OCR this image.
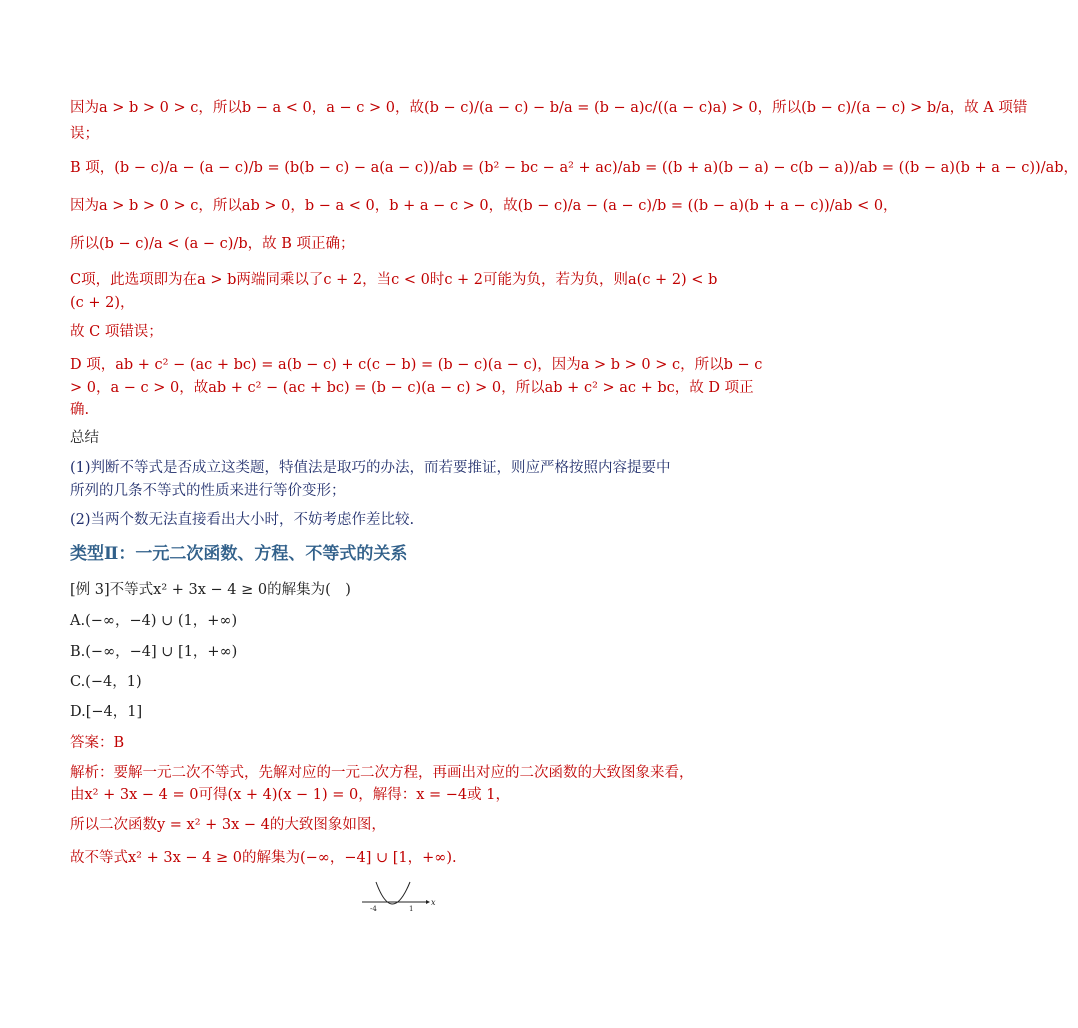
因为a > b > 0 > c，所以b − a < 0，a − c > 0，故(b − c)/(a − c) − b/a = (b − a)c/((a − c)a) > 0，所以(b − c)/(a − c) > b/a，故 A 项错
误；
B 项，(b − c)/a − (a − c)/b = (b(b − c) − a(a − c))/ab = (b² − bc − a² + ac)/ab = ((b + a)(b − a) − c(b − a))/ab = ((b − a)(b + a − c))/ab，
因为a > b > 0 > c，所以ab > 0，b − a < 0，b + a − c > 0，故(b − c)/a − (a − c)/b = ((b − a)(b + a − c))/ab < 0，
所以(b − c)/a < (a − c)/b，故 B 项正确；
C项，此选项即为在a > b两端同乘以了c + 2，当c < 0时c + 2可能为负，若为负，则a(c + 2) < b
(c + 2)，
故 C 项错误；
D 项，ab + c² − (ac + bc) = a(b − c) + c(c − b) = (b − c)(a − c)，因为a > b > 0 > c，所以b − c
> 0，a − c > 0，故ab + c² − (ac + bc) = (b − c)(a − c) > 0，所以ab + c² > ac + bc，故 D 项正
确.
总结
(1)判断不等式是否成立这类题，特值法是取巧的办法，而若要推证，则应严格按照内容提要中
所列的几条不等式的性质来进行等价变形；
(2)当两个数无法直接看出大小时，不妨考虑作差比较.
类型Ⅱ：一元二次函数、方程、不等式的关系
[例 3]不等式x² + 3x − 4 ≥ 0的解集为(　)
A.(−∞，−4) ∪ (1，+∞)
B.(−∞，−4] ∪ [1，+∞)
C.(−4，1)
D.[−4，1]
答案：B
解析：要解一元二次不等式，先解对应的一元二次方程，再画出对应的二次函数的大致图象来看，
由x² + 3x − 4 = 0可得(x + 4)(x − 1) = 0，解得：x = −4或 1，
所以二次函数y = x² + 3x − 4的大致图象如图，
故不等式x² + 3x − 4 ≥ 0的解集为(−∞，−4] ∪ [1，+∞).
-4	1
x
